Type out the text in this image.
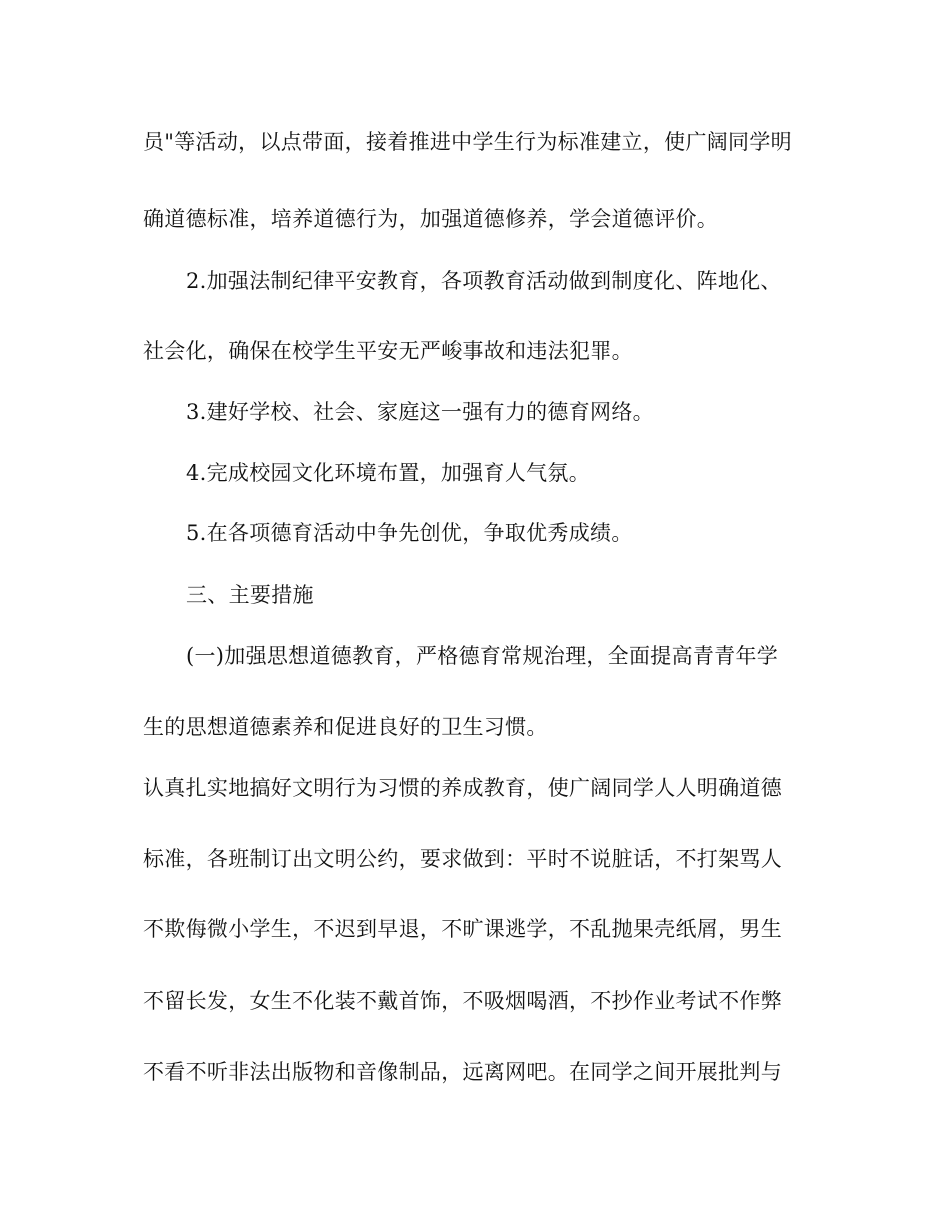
员"等活动，以点带面，接着推进中学生行为标准建立，使广阔同学明
确道德标准，培养道德行为，加强道德修养，学会道德评价。
2.加强法制纪律平安教育，各项教育活动做到制度化、阵地化、
社会化，确保在校学生平安无严峻事故和违法犯罪。
3.建好学校、社会、家庭这一强有力的德育网络。
4.完成校园文化环境布置，加强育人气氛。
5.在各项德育活动中争先创优，争取优秀成绩。
三、主要措施
(一)加强思想道德教育，严格德育常规治理，全面提高青青年学
生的思想道德素养和促进良好的卫生习惯。
认真扎实地搞好文明行为习惯的养成教育，使广阔同学人人明确道德
标准，各班制订出文明公约，要求做到：平时不说脏话，不打架骂人
不欺侮微小学生，不迟到早退，不旷课逃学，不乱抛果壳纸屑，男生
不留长发，女生不化装不戴首饰，不吸烟喝酒，不抄作业考试不作弊
不看不听非法出版物和音像制品，远离网吧。在同学之间开展批判与
